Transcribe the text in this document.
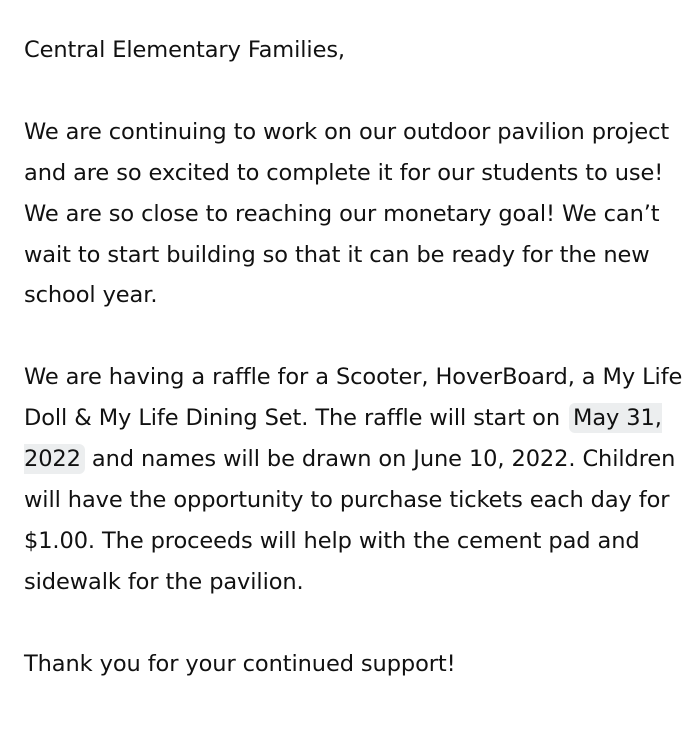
Central Elementary Families,

We are continuing to work on our outdoor pavilion project and are so excited to complete it for our students to use! We are so close to reaching our monetary goal! We can’t wait to start building so that it can be ready for the new school year.

We are having a raffle for a Scooter, HoverBoard, a My Life Doll & My Life Dining Set. The raffle will start on May 31, 2022 and names will be drawn on June 10, 2022. Children will have the opportunity to purchase tickets each day for $1.00. The proceeds will help with the cement pad and sidewalk for the pavilion.

Thank you for your continued support!
